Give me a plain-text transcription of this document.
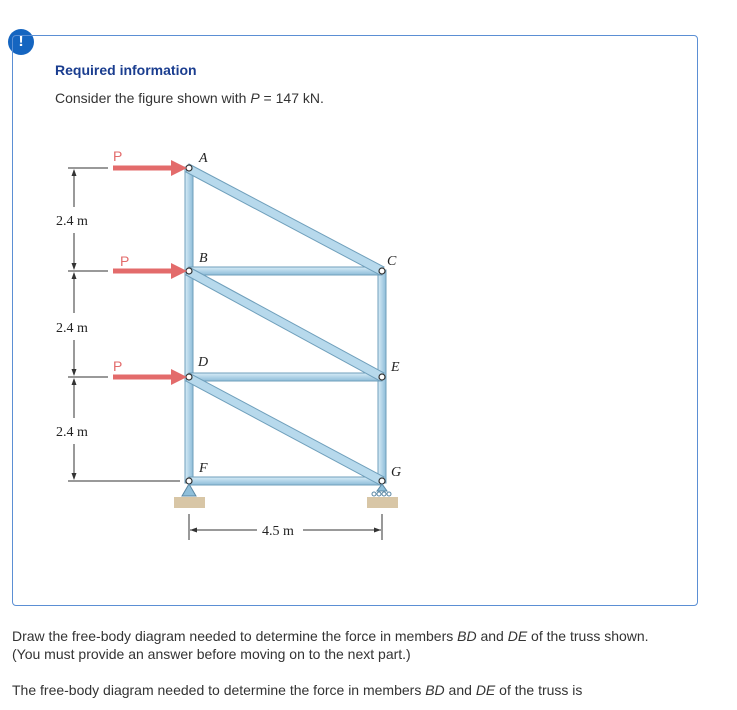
!
Required information
Consider the figure shown with P = 147 kN.
P
P
P
A
B	C
D	E
F	G
2.4 m
2.4 m
2.4 m
4.5 m
Draw the free-body diagram needed to determine the force in members BD and DE of the truss shown.
(You must provide an answer before moving on to the next part.)
The free-body diagram needed to determine the force in members BD and DE of the truss is
